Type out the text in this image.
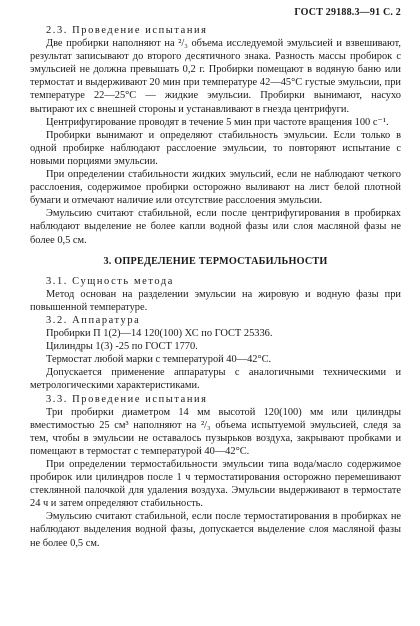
ГОСТ 29188.3—91 С. 2

2.3. Проведение испытания

Две пробирки наполняют на ²/₃ объема исследуемой эмульсией и взвешивают, результат записывают до второго десятичного знака. Разность массы пробирок с эмульсией не должна превышать 0,2 г. Пробирки помещают в водяную баню или термостат и выдерживают 20 мин при температуре 42—45°С густые эмульсии, при температуре 22—25°С — жидкие эмульсии. Пробирки вынимают, насухо вытирают их с внешней стороны и устанавливают в гнезда центрифуги.

Центрифугирование проводят в течение 5 мин при частоте вращения 100 с⁻¹.

Пробирки вынимают и определяют стабильность эмульсии. Если только в одной пробирке наблюдают расслоение эмульсии, то повторяют испытание с новыми порциями эмульсии.

При определении стабильности жидких эмульсий, если не наблюдают четкого расслоения, содержимое пробирки осторожно выливают на лист белой плотной бумаги и отмечают наличие или отсутствие расслоения эмульсии.

Эмульсию считают стабильной, если после центрифугирования в пробирках наблюдают выделение не более капли водной фазы или слоя масляной фазы не более 0,5 см.

3. ОПРЕДЕЛЕНИЕ ТЕРМОСТАБИЛЬНОСТИ

3.1. Сущность метода

Метод основан на разделении эмульсии на жировую и водную фазы при повышенной температуре.

3.2. Аппаратура

Пробирки П 1(2)—14 120(100) ХС по ГОСТ 25336.

Цилиндры 1(3) -25 по ГОСТ 1770.

Термостат любой марки с температурой 40—42°С.

Допускается применение аппаратуры с аналогичными техническими и метрологическими характеристиками.

3.3. Проведение испытания

Три пробирки диаметром 14 мм высотой 120(100) мм или цилиндры вместимостью 25 см³ наполняют на ²/₃ объема испытуемой эмульсией, следя за тем, чтобы в эмульсии не оставалось пузырьков воздуха, закрывают пробками и помещают в термостат с температурой 40—42°С.

При определении термостабильности эмульсии типа вода/масло содержимое пробирок или цилиндров после 1 ч термостатирования осторожно перемешивают стеклянной палочкой для удаления воздуха. Эмульсии выдерживают в термостате 24 ч и затем определяют стабильность.

Эмульсию считают стабильной, если после термостатирования в пробирках не наблюдают выделения водной фазы, допускается выделение слоя масляной фазы не более 0,5 см.
